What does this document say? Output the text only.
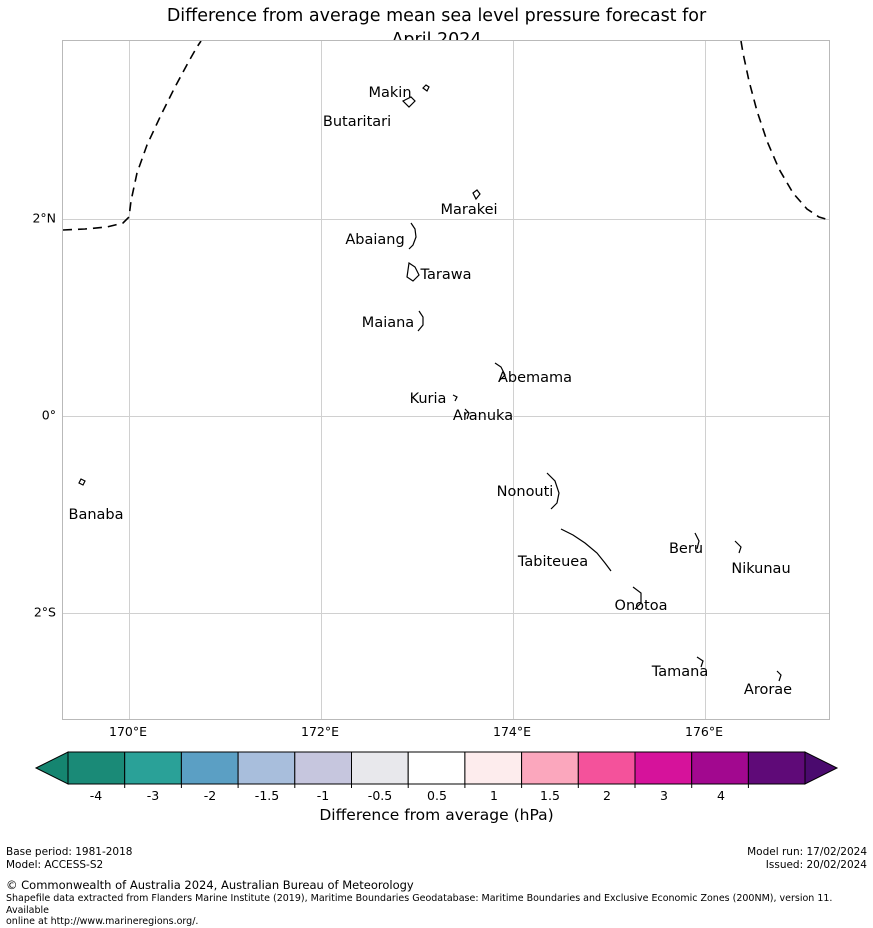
Difference from average mean sea level pressure forecast for

Makin
Butaritari
Marakei
Abaiang
Tarawa
Maiana
Abemama
Kuria
Aranuka
Banaba
Nonouti
Tabiteuea
Beru
Nikunau
Onotoa
Tamana
Arorae
2°N
0°
2°S
170°E	172°E	174°E	176°E
-4	-3	-2	-1.5	-1	-0.5	0.5	1	1.5	2	3	4
Difference from average (hPa)
Base period: 1981-2018
Model: ACCESS-S2
Model run: 17/02/2024
Issued: 20/02/2024
© Commonwealth of Australia 2024, Australian Bureau of Meteorology
Shapefile data extracted from Flanders Marine Institute (2019), Maritime Boundaries Geodatabase: Maritime Boundaries and Exclusive Economic Zones (200NM), version 11. Available
online at http://www.marineregions.org/.
